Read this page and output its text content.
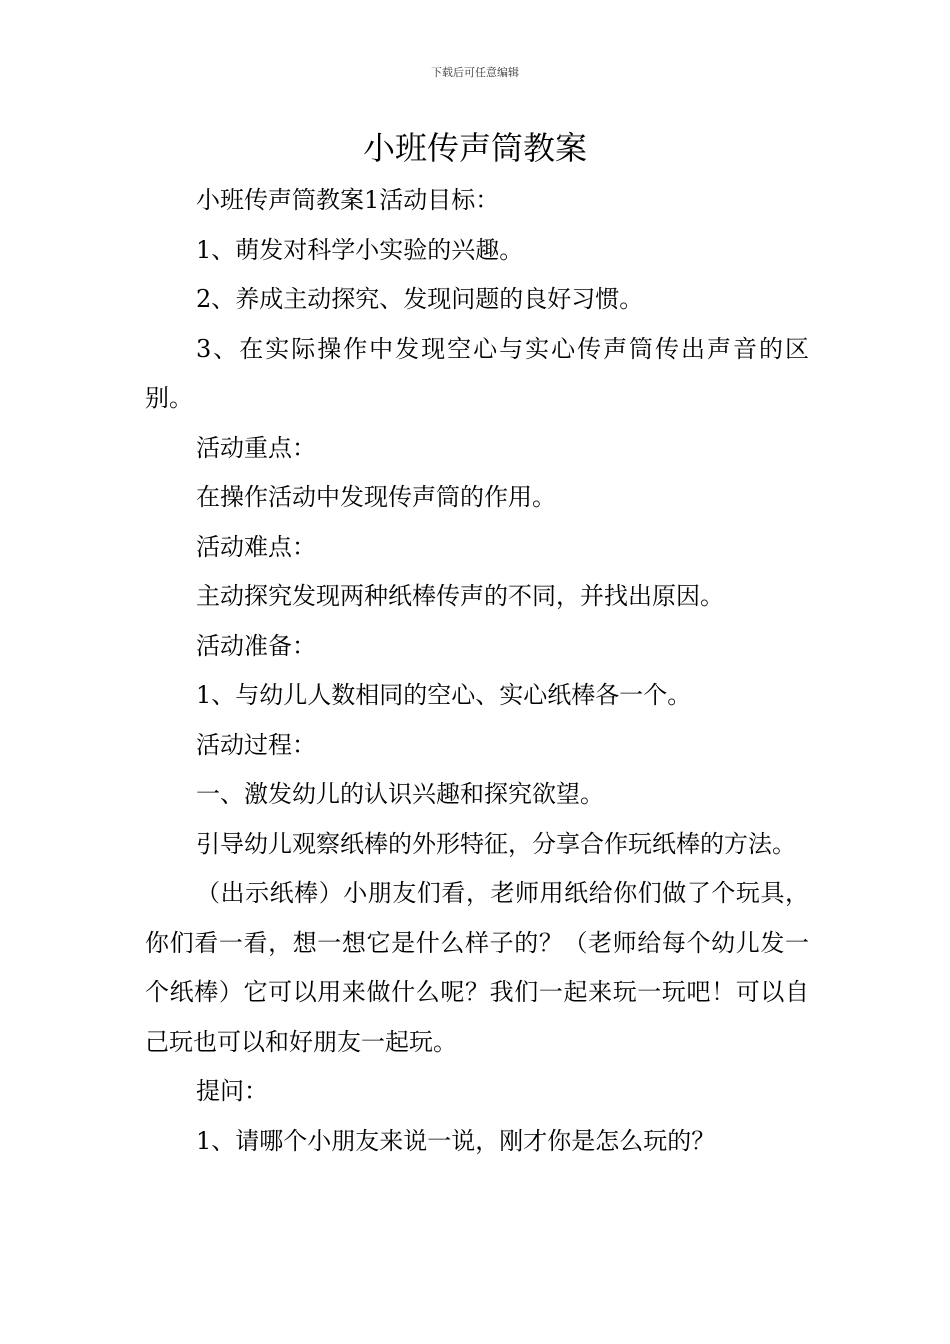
下载后可任意编辑
小班传声筒教案

小班传声筒教案1活动目标：

1、萌发对科学小实验的兴趣。

2、养成主动探究、发现问题的良好习惯。

3、在实际操作中发现空心与实心传声筒传出声音的区别。

活动重点：

在操作活动中发现传声筒的作用。

活动难点：

主动探究发现两种纸棒传声的不同，并找出原因。

活动准备：

1、与幼儿人数相同的空心、实心纸棒各一个。

活动过程：

一、激发幼儿的认识兴趣和探究欲望。

引导幼儿观察纸棒的外形特征，分享合作玩纸棒的方法。

（出示纸棒）小朋友们看，老师用纸给你们做了个玩具，你们看一看，想一想它是什么样子的？（老师给每个幼儿发一个纸棒）它可以用来做什么呢？我们一起来玩一玩吧！可以自己玩也可以和好朋友一起玩。

提问：

1、请哪个小朋友来说一说，刚才你是怎么玩的？
